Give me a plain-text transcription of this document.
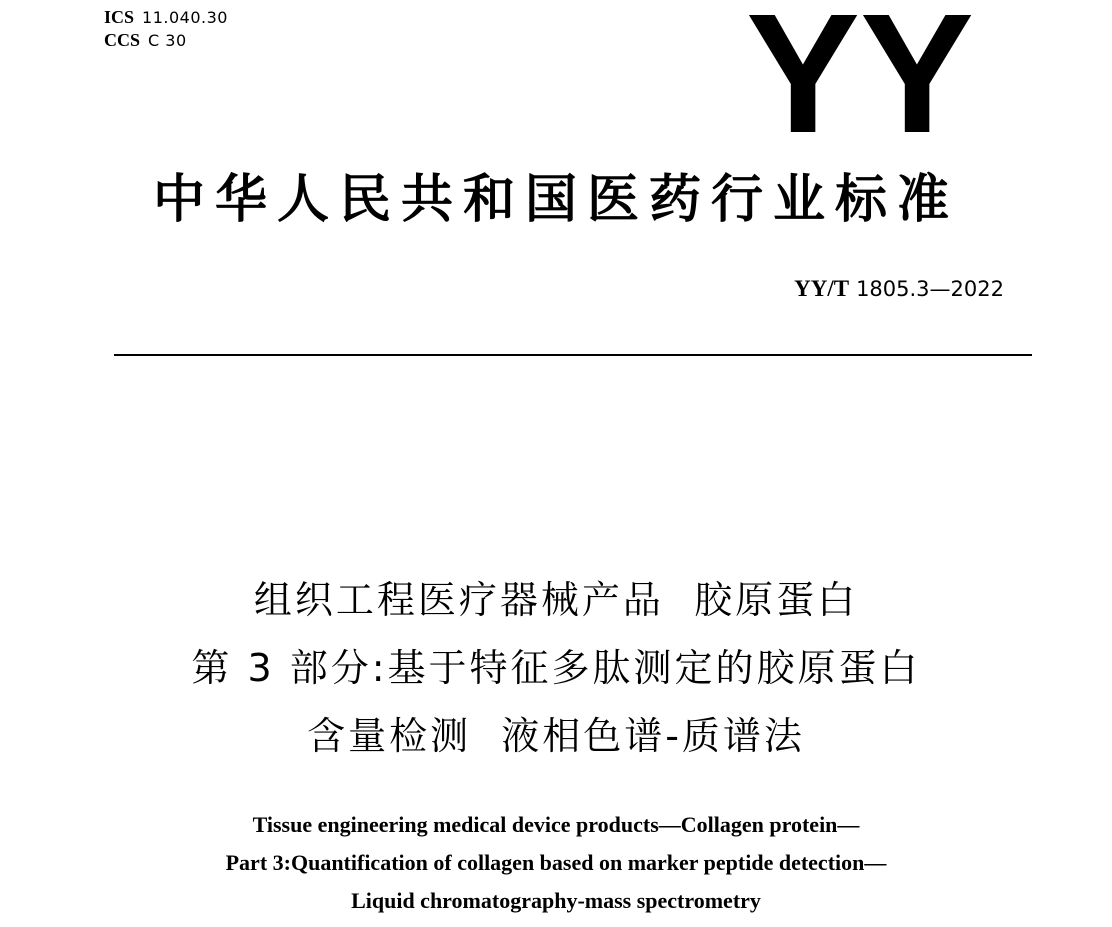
ICS 11.040.30
CCS C 30	YY
中华人民共和国医药行业标准
YY/T 1805.3—2022
组织工程医疗器械产品  胶原蛋白
第 3 部分:基于特征多肽测定的胶原蛋白
含量检测  液相色谱-质谱法
Tissue engineering medical device products—Collagen protein—
Part 3:Quantification of collagen based on marker peptide detection—
Liquid chromatography-mass spectrometry
